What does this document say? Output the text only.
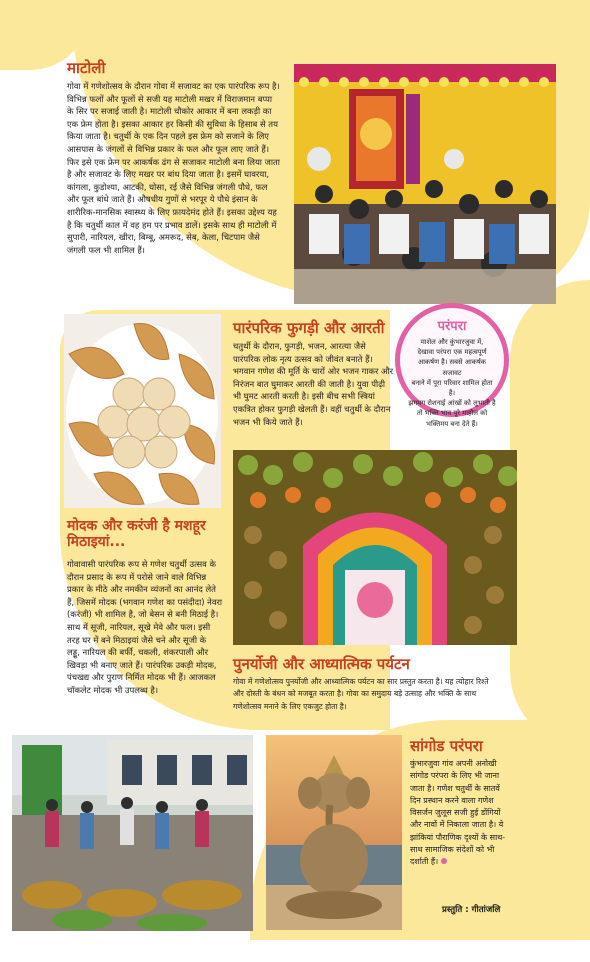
माटोली
गोवा में गणेशोत्सव के दौरान गोवा में सजावट का एक पारंपरिक रूप है।
विभिन्न फलों और फूलों से सजी यह माटोली मखर में विराजमान बप्पा
के सिर पर सजाई जाती है। माटोली चौकोर आकार में बना लकड़ी का
एक फ्रेम होता है। इसका आकार हर किसी की सुविधा के हिसाब से तय
किया जाता है। चतुर्थी के एक दिन पहले इस फ्रेम को सजाने के लिए
आसपास के जंगलों से विभिन्न प्रकार के फल और फूल लाए जाते हैं।
फिर इसे एक फ्रेम पर आकर्षक ढंग से सजाकर माटोली बना लिया जाता
है और सजावट के लिए मखर पर बांध दिया जाता है। इसमें घावरया,
कांगला, कुडोश्या, आटकी, घोसा, रई जैसे विभिन्न जंगली पौधे, फल
और फूल बांधे जाते हैं। औषधीय गुणों से भरपूर ये पौधे इंसान के
शारीरिक-मानसिक स्वास्थ्य के लिए फ़ायदेमंद होते हैं। इसका उद्देश्य यह
है कि चतुर्थी काल में वह हम पर प्रभाव डालें। इसके साथ ही माटोली में
सुपारी, नारियल, खीरा, बिम्बू, अमरूद, सेब, केला, चिटपाम जैसे
जंगली फल भी शामिल हैं।
पारंपरिक फुगड़ी और आरती
चतुर्थी के दौरान, फुगड़ी, भजन, आरत्या जैसे
पारंपरिक लोक नृत्य उत्सव को जीवंत बनाते हैं।
भगवान गणेश की मूर्ति के चारों ओर भजन गाकर और
निरंजन बात घुमाकर आरती की जाती है। युवा पीढ़ी
भी घुमट आरती करती है। इसी बीच सभी स्त्रियां
एकत्रित होकर फुगड़ी खेलती हैं। वहीं चतुर्थी के दौरान
भजन भी किये जाते हैं।
परंपरा
माशेल और कुंभारजुवा में,
देखावा परंपरा एक महत्वपूर्ण
आकर्षण है। सबसे आकर्षक सजावट
बनाने में पूरा परिवार शामिल होता है।
झगमग रोशनाई आंखों को लुभाती है
तो भक्ति भाव पूरे माहौल को
भक्तिमय बना देते हैं।
मोदक और करंजी है मशहूर
मिठाइयां...
गोवावासी पारंपरिक रूप से गणेश चतुर्थी उत्सव के
दौरान प्रसाद के रूप में परोसे जाने वाले विभिन्न
प्रकार के मीठे और नमकीन व्यंजनों का आनंद लेते
हैं, जिसमें मोदक (भगवान गणेश का पसंदीदा) नेवरा
(करंजी) भी शामिल है, जो बेसन से बनी मिठाई है।
साथ में सूजी, नारियल, सूखे मेवे और फल। इसी
तरह घर में बने मिठाइयां जैसे चने और सूजी के
लड्डू, नारियल की बर्फी, चकली, शंकरपाली और
खिवड़ा भी बनाए जाते हैं। पारंपरिक उकड़ी मोदक,
पंचखद्य और पुराण निर्मित मोदक भी हैं। आजकल
चॉकलेट मोदक भी उपलब्ध है।
पुनर्योजी और आध्यात्मिक पर्यटन
गोवा में गणेशोत्सव पुनर्योजी और आध्यात्मिक पर्यटन का सार प्रस्तुत करता है। यह त्योहार रिश्ते
और दोस्ती के बंधन को मजबूत करता है। गोवा का समुदाय बड़े उत्साह और भक्ति के साथ
गणेशोत्सव मनाने के लिए एकजुट होता है।
सांगोड परंपरा
कुंभारजुवा गांव अपनी अनोखी
सांगोड परंपरा के लिए भी जाना
जाता है। गणेश चतुर्थी के सातवें
दिन प्रस्थान करने वाला गणेश
विसर्जन जुलूस सजी हुई डोंगियों
और नावों में निकाला जाता है। ये
झांकियां पौराणिक दृश्यों के साथ-
साथ सामाजिक संदेशों को भी
दर्शाती हैं।
प्रस्तुति : गीतांजलि
